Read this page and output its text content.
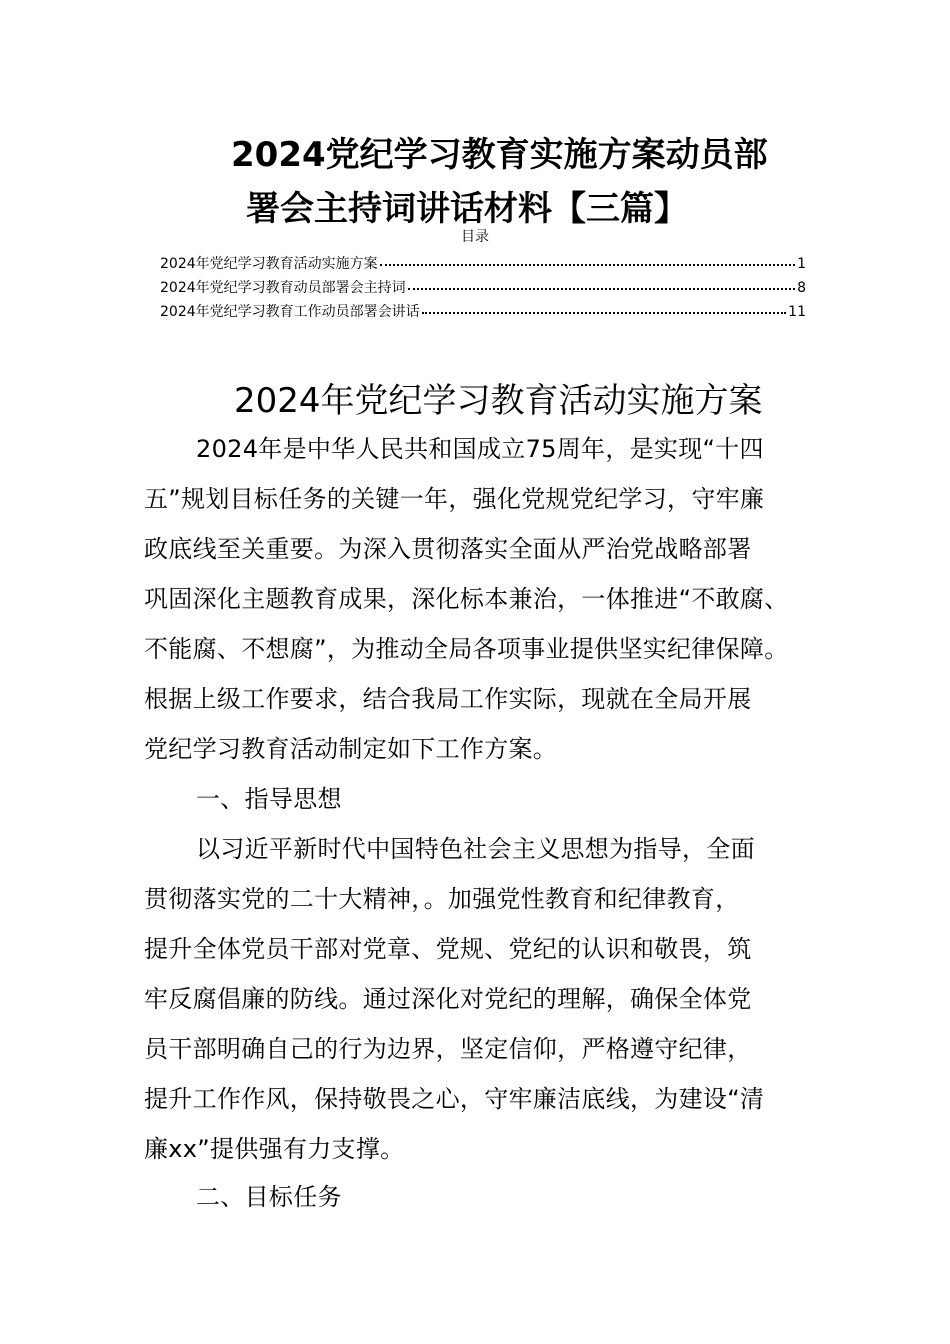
2024党纪学习教育实施方案动员部
署会主持词讲话材料【三篇】

目录

2024年党纪学习教育活动实施方案	1
2024年党纪学习教育动员部署会主持词	8
2024年党纪学习教育工作动员部署会讲话	11
2024年党纪学习教育活动实施方案

2024年是中华人民共和国成立75周年，是实现“十四
五”规划目标任务的关键一年，强化党规党纪学习，守牢廉
政底线至关重要。为深入贯彻落实全面从严治党战略部署
巩固深化主题教育成果，深化标本兼治，一体推进“不敢腐、
不能腐、不想腐”，为推动全局各项事业提供坚实纪律保障。
根据上级工作要求，结合我局工作实际，现就在全局开展
党纪学习教育活动制定如下工作方案。

一、指导思想

以习近平新时代中国特色社会主义思想为指导，全面
贯彻落实党的二十大精神，。加强党性教育和纪律教育，
提升全体党员干部对党章、党规、党纪的认识和敬畏，筑
牢反腐倡廉的防线。通过深化对党纪的理解，确保全体党
员干部明确自己的行为边界，坚定信仰，严格遵守纪律，
提升工作作风，保持敬畏之心，守牢廉洁底线，为建设“清
廉xx”提供强有力支撑。

二、目标任务
